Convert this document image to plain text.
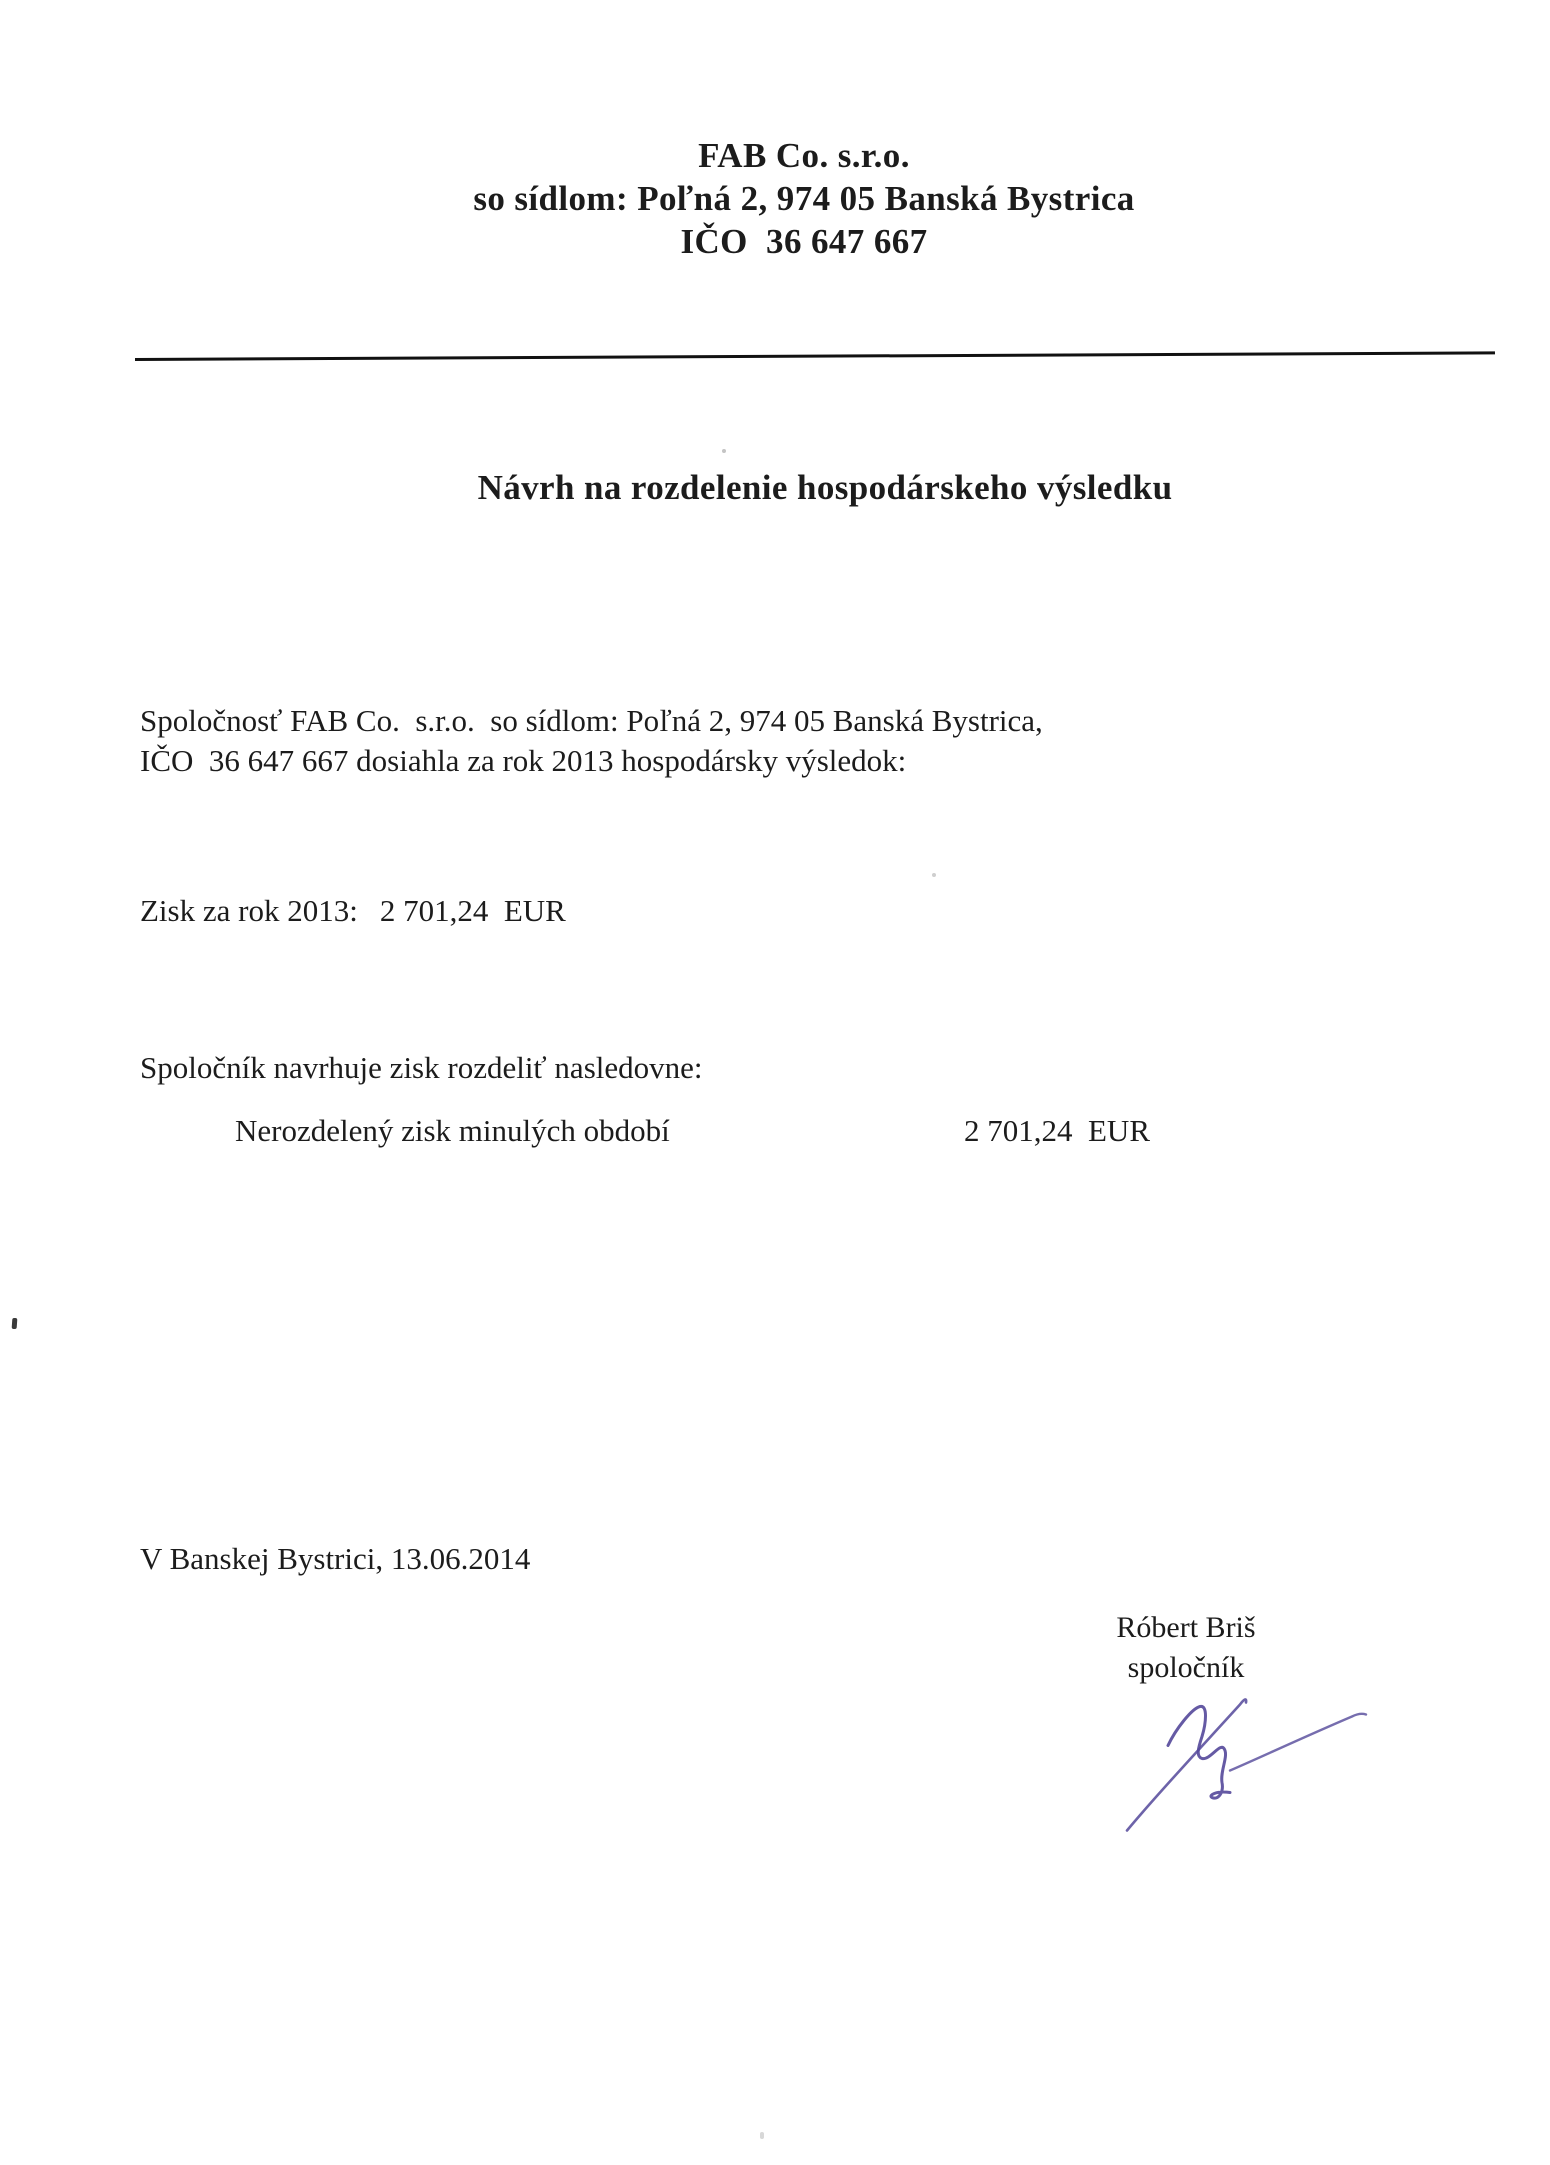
FAB Co. s.r.o.
so sídlom: Poľná 2, 974 05 Banská Bystrica
IČO  36 647 667
Návrh na rozdelenie hospodárskeho výsledku
Spoločnosť FAB Co.  s.r.o.  so sídlom: Poľná 2, 974 05 Banská Bystrica,
IČO  36 647 667 dosiahla za rok 2013 hospodársky výsledok:
Zisk za rok 2013: 2 701,24  EUR
Spoločník navrhuje zisk rozdeliť nasledovne:
Nerozdelený zisk minulých období	2 701,24  EUR
V Banskej Bystrici, 13.06.2014
Róbert Briš
spoločník
